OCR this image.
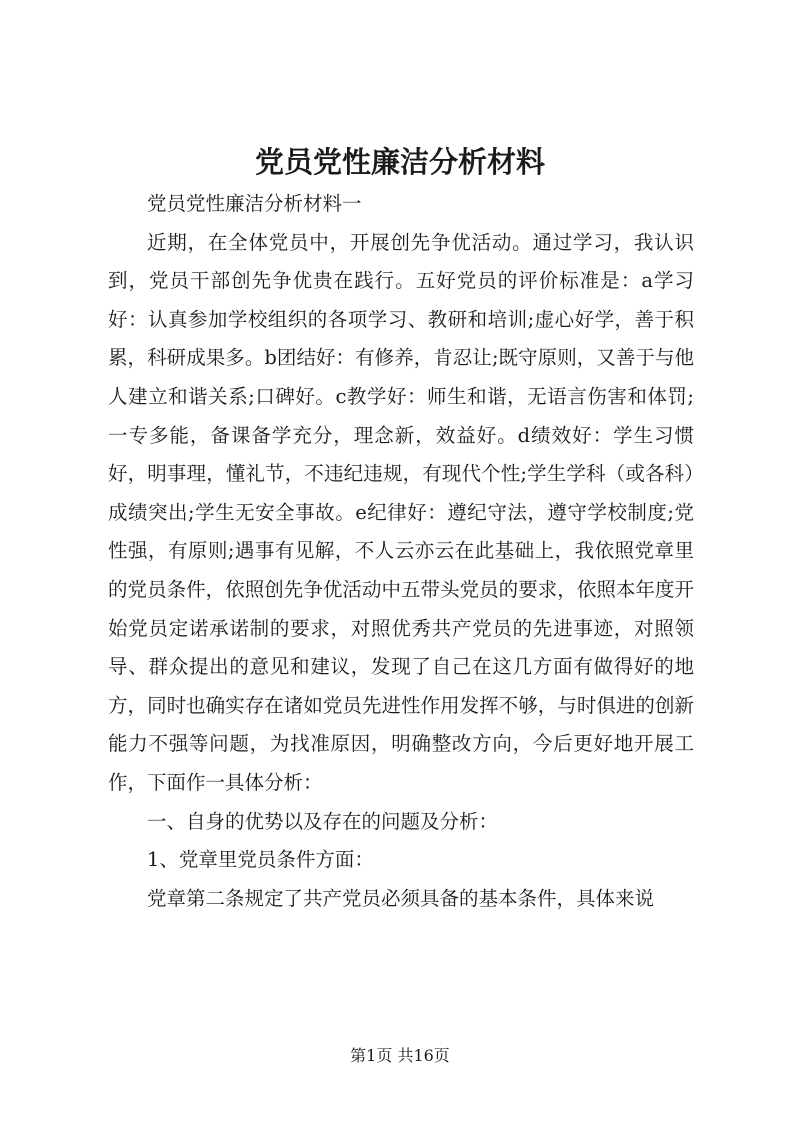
党员党性廉洁分析材料

党员党性廉洁分析材料一

近期，在全体党员中，开展创先争优活动。通过学习，我认识到，党员干部创先争优贵在践行。五好党员的评价标准是：a学习好：认真参加学校组织的各项学习、教研和培训;虚心好学，善于积累，科研成果多。b团结好：有修养，肯忍让;既守原则，又善于与他人建立和谐关系;口碑好。c教学好：师生和谐，无语言伤害和体罚;一专多能，备课备学充分，理念新，效益好。d绩效好：学生习惯好，明事理，懂礼节，不违纪违规，有现代个性;学生学科（或各科）成绩突出;学生无安全事故。e纪律好：遵纪守法，遵守学校制度;党性强，有原则;遇事有见解，不人云亦云在此基础上，我依照党章里的党员条件，依照创先争优活动中五带头党员的要求，依照本年度开始党员定诺承诺制的要求，对照优秀共产党员的先进事迹，对照领导、群众提出的意见和建议，发现了自己在这几方面有做得好的地方，同时也确实存在诸如党员先进性作用发挥不够，与时俱进的创新能力不强等问题，为找准原因，明确整改方向，今后更好地开展工作，下面作一具体分析：

一、自身的优势以及存在的问题及分析：

1、党章里党员条件方面：

党章第二条规定了共产党员必须具备的基本条件，具体来说

第1页 共16页
